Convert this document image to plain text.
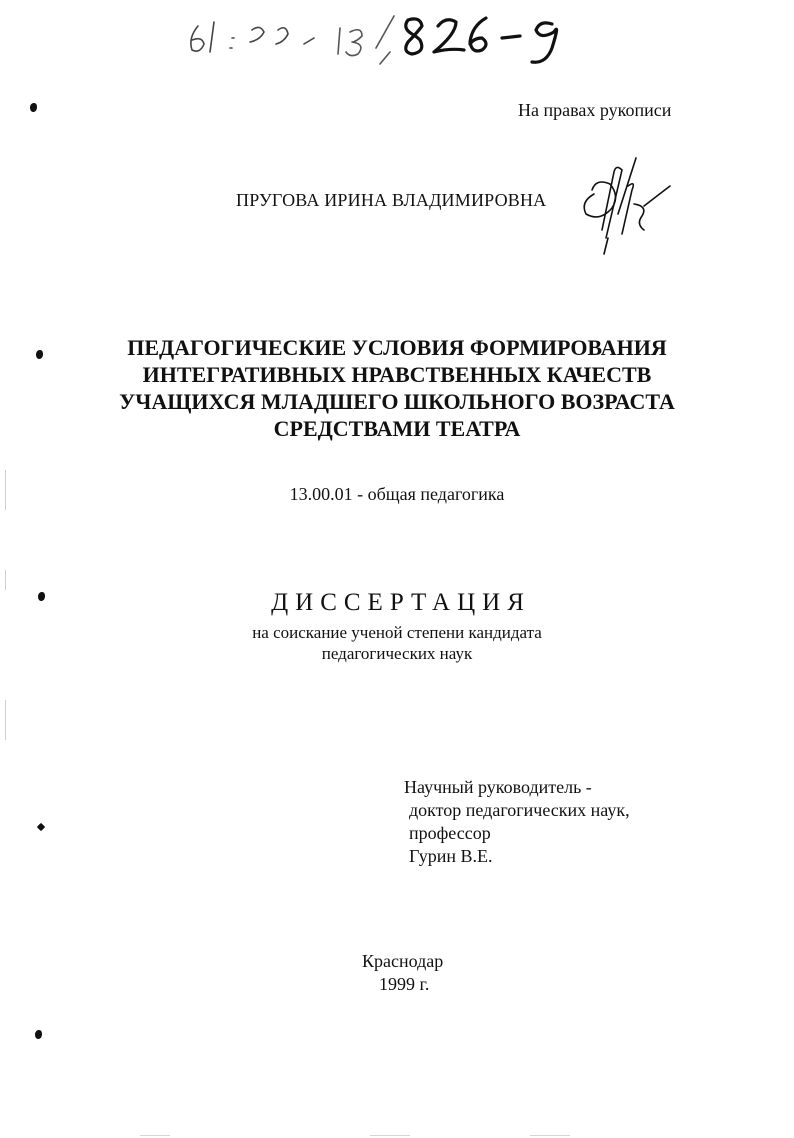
На правах рукописи
ПРУГОВА ИРИНА ВЛАДИМИРОВНА
ПЕДАГОГИЧЕСКИЕ УСЛОВИЯ ФОРМИРОВАНИЯ
ИНТЕГРАТИВНЫХ НРАВСТВЕННЫХ КАЧЕСТВ
УЧАЩИХСЯ МЛАДШЕГО ШКОЛЬНОГО ВОЗРАСТА
СРЕДСТВАМИ ТЕАТРА
13.00.01 - общая педагогика
ДИССЕРТАЦИЯ
на соискание ученой степени кандидата
педагогических наук
Научный руководитель -
доктор педагогических наук,
профессор
Гурин В.Е.
Краснодар
1999 г.
